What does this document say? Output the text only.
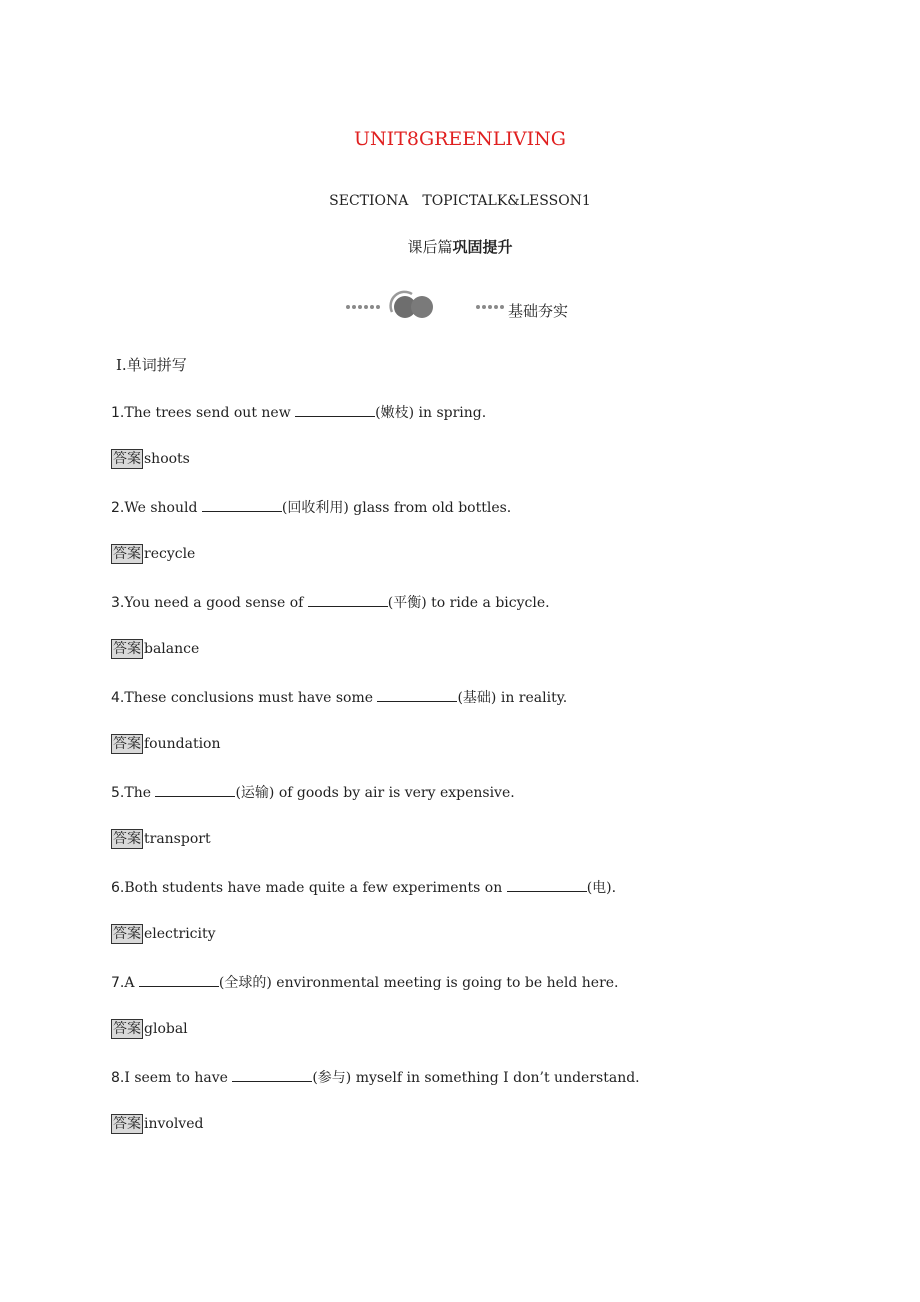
UNIT8GREENLIVING
SECTIONA　TOPICTALK&LESSON1
课后篇巩固提升
基础夯实
Ⅰ.单词拼写
1.The trees send out new	(嫩枝) in spring.
答案 shoots
2.We should	(回收利用) glass from old bottles.
答案 recycle
3.You need a good sense of	(平衡) to ride a bicycle.
答案 balance
4.These conclusions must have some	(基础) in reality.
答案 foundation
5.The	(运输) of goods by air is very expensive.
答案 transport
6.Both students have made quite a few experiments on	(电).
答案 electricity
7.A	(全球的) environmental meeting is going to be held here.
答案 global
8.I seem to have	(参与) myself in something I don’t understand.
答案 involved
